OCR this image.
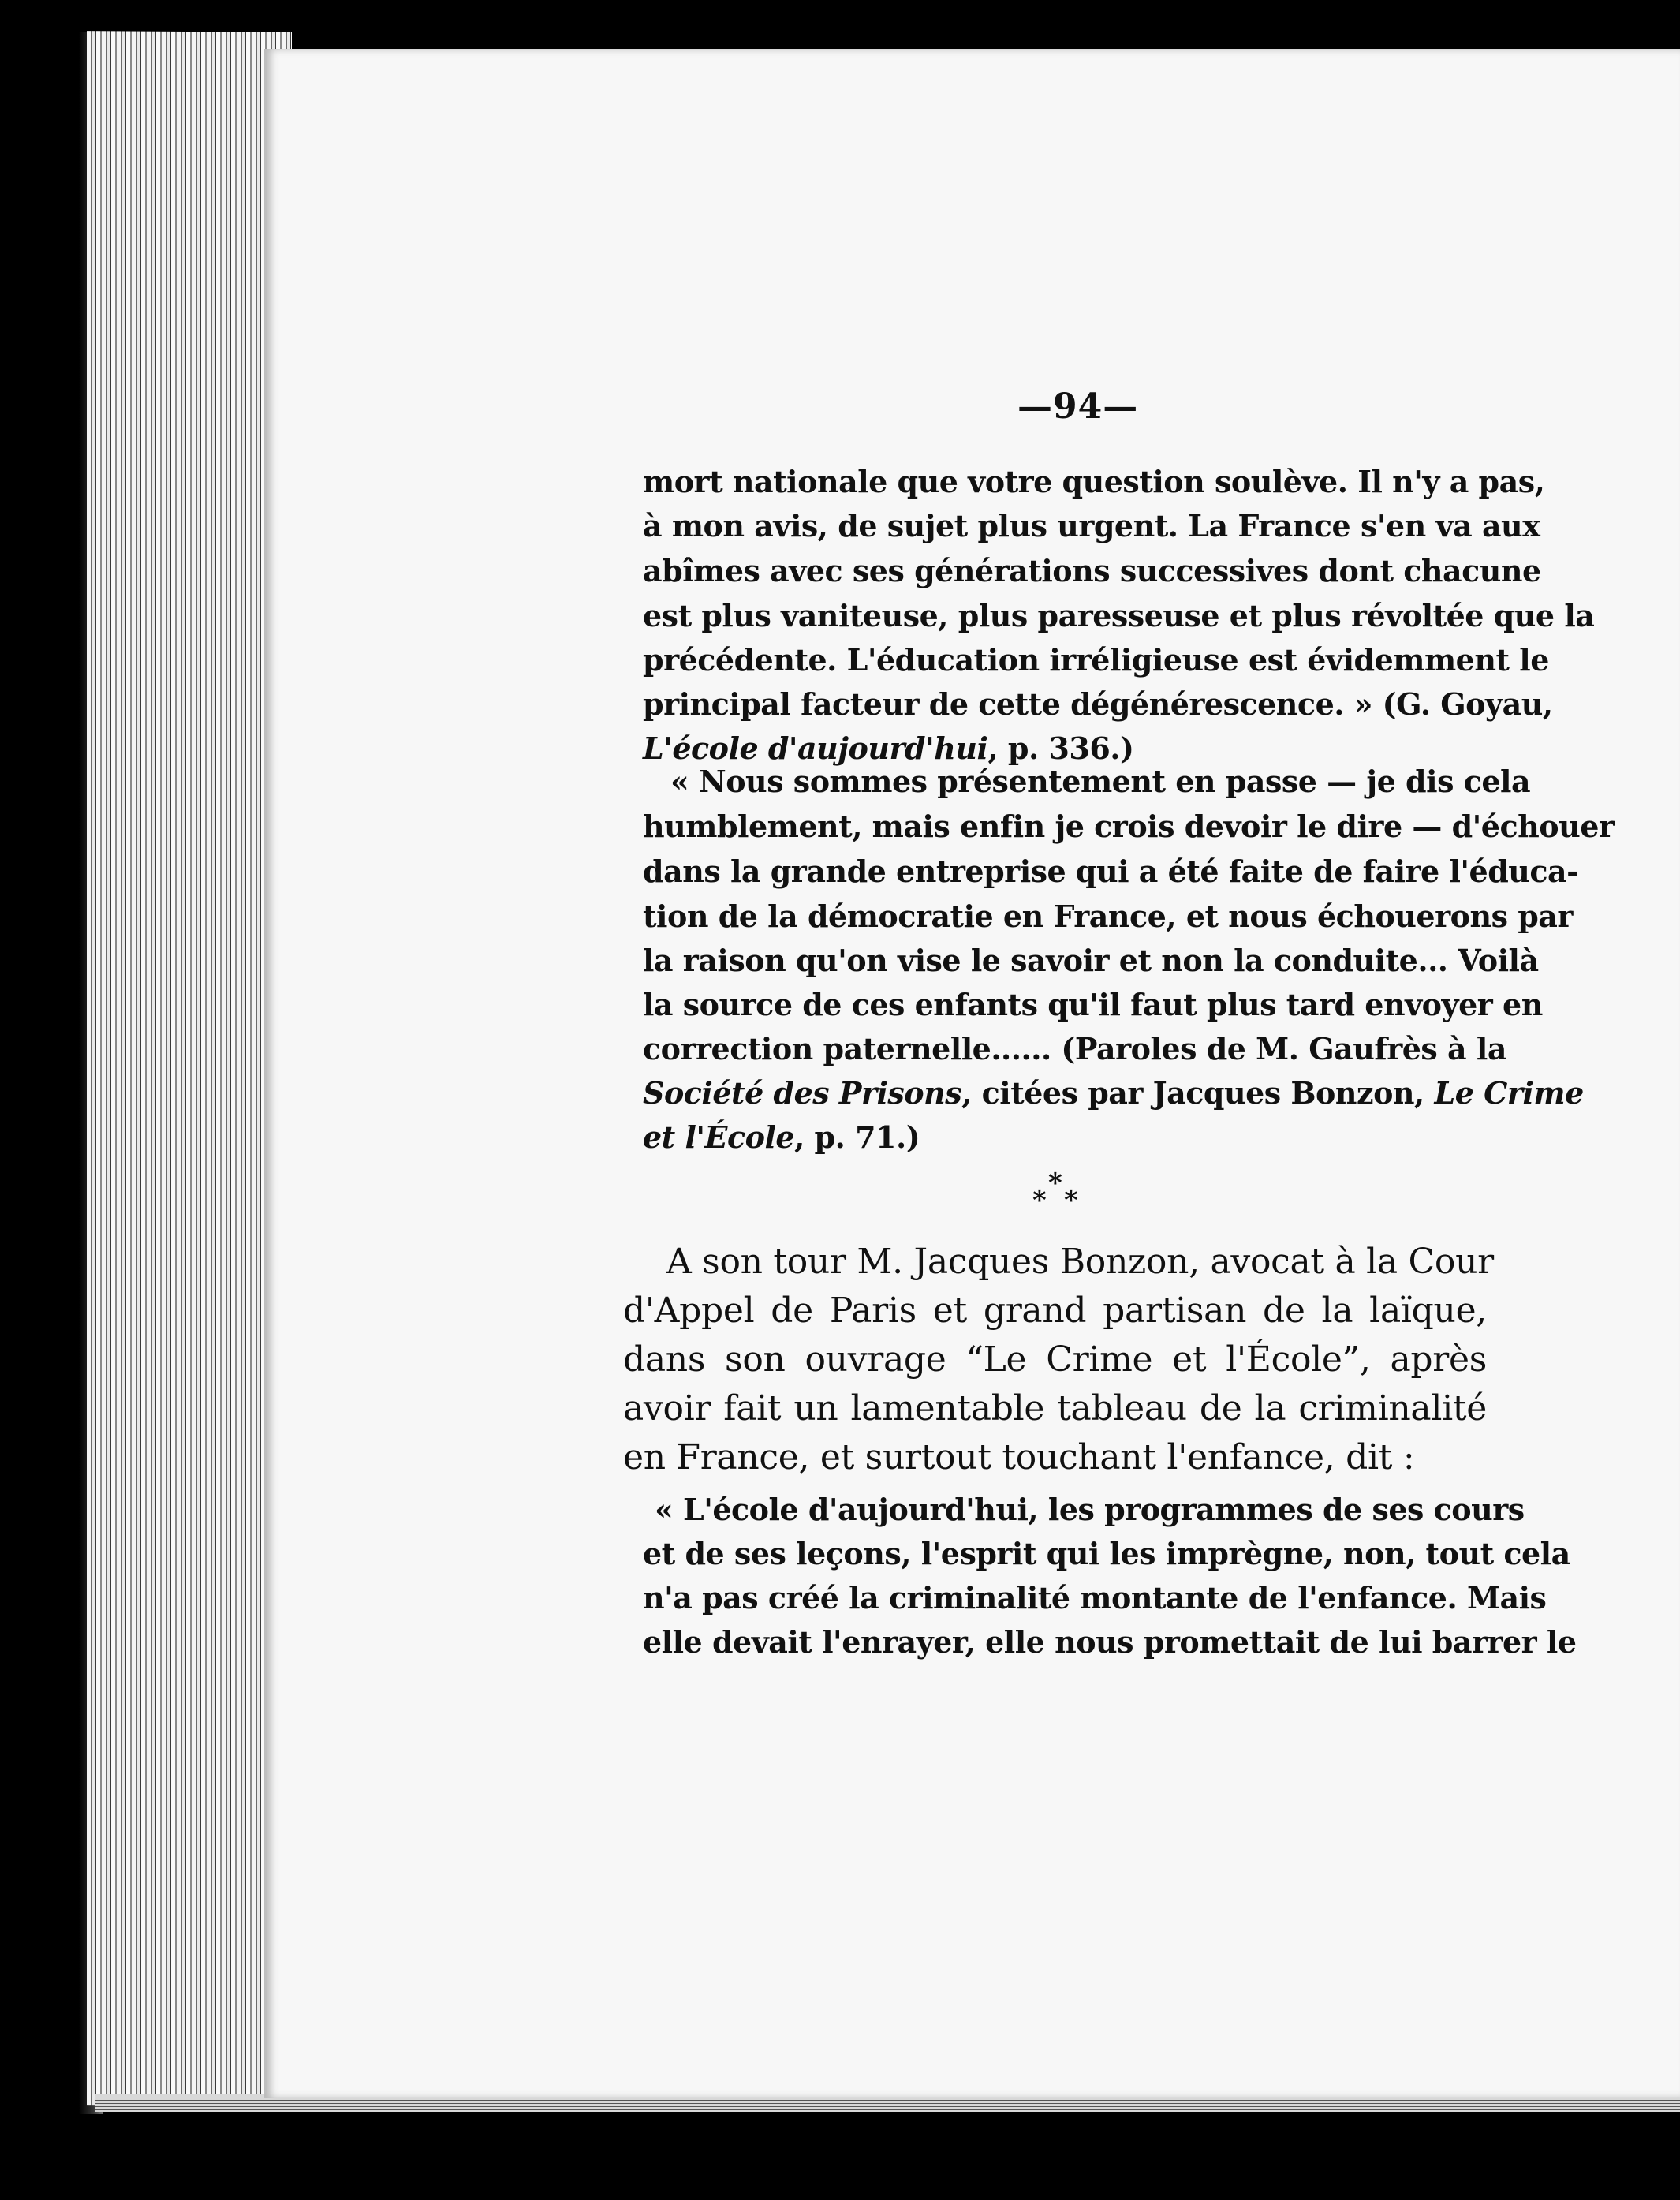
—94—
mort nationale que votre question soulève. Il n'y a pas,
à mon avis, de sujet plus urgent. La France s'en va aux
abîmes avec ses générations successives dont chacune
est plus vaniteuse, plus paresseuse et plus révoltée que la
précédente. L'éducation irréligieuse est évidemment le
principal facteur de cette dégénérescence. » (G. Goyau,
L'école d'aujourd'hui, p. 336.)
« Nous sommes présentement en passe — je dis cela
humblement, mais enfin je crois devoir le dire — d'échouer
dans la grande entreprise qui a été faite de faire l'éduca-
tion de la démocratie en France, et nous échouerons par
la raison qu'on vise le savoir et non la conduite... Voilà
la source de ces enfants qu'il faut plus tard envoyer en
correction paternelle...... (Paroles de M. Gaufrès à la
Société des Prisons, citées par Jacques Bonzon, Le Crime
et l'École, p. 71.)
*
* *
A son tour M. Jacques Bonzon, avocat à la Cour
d'Appel de Paris et grand partisan de la laïque,
dans son ouvrage “Le Crime et l'École”, après
avoir fait un lamentable tableau de la criminalité
en France, et surtout touchant l'enfance, dit :
« L'école d'aujourd'hui, les programmes de ses cours
et de ses leçons, l'esprit qui les imprègne, non, tout cela
n'a pas créé la criminalité montante de l'enfance. Mais
elle devait l'enrayer, elle nous promettait de lui barrer le
